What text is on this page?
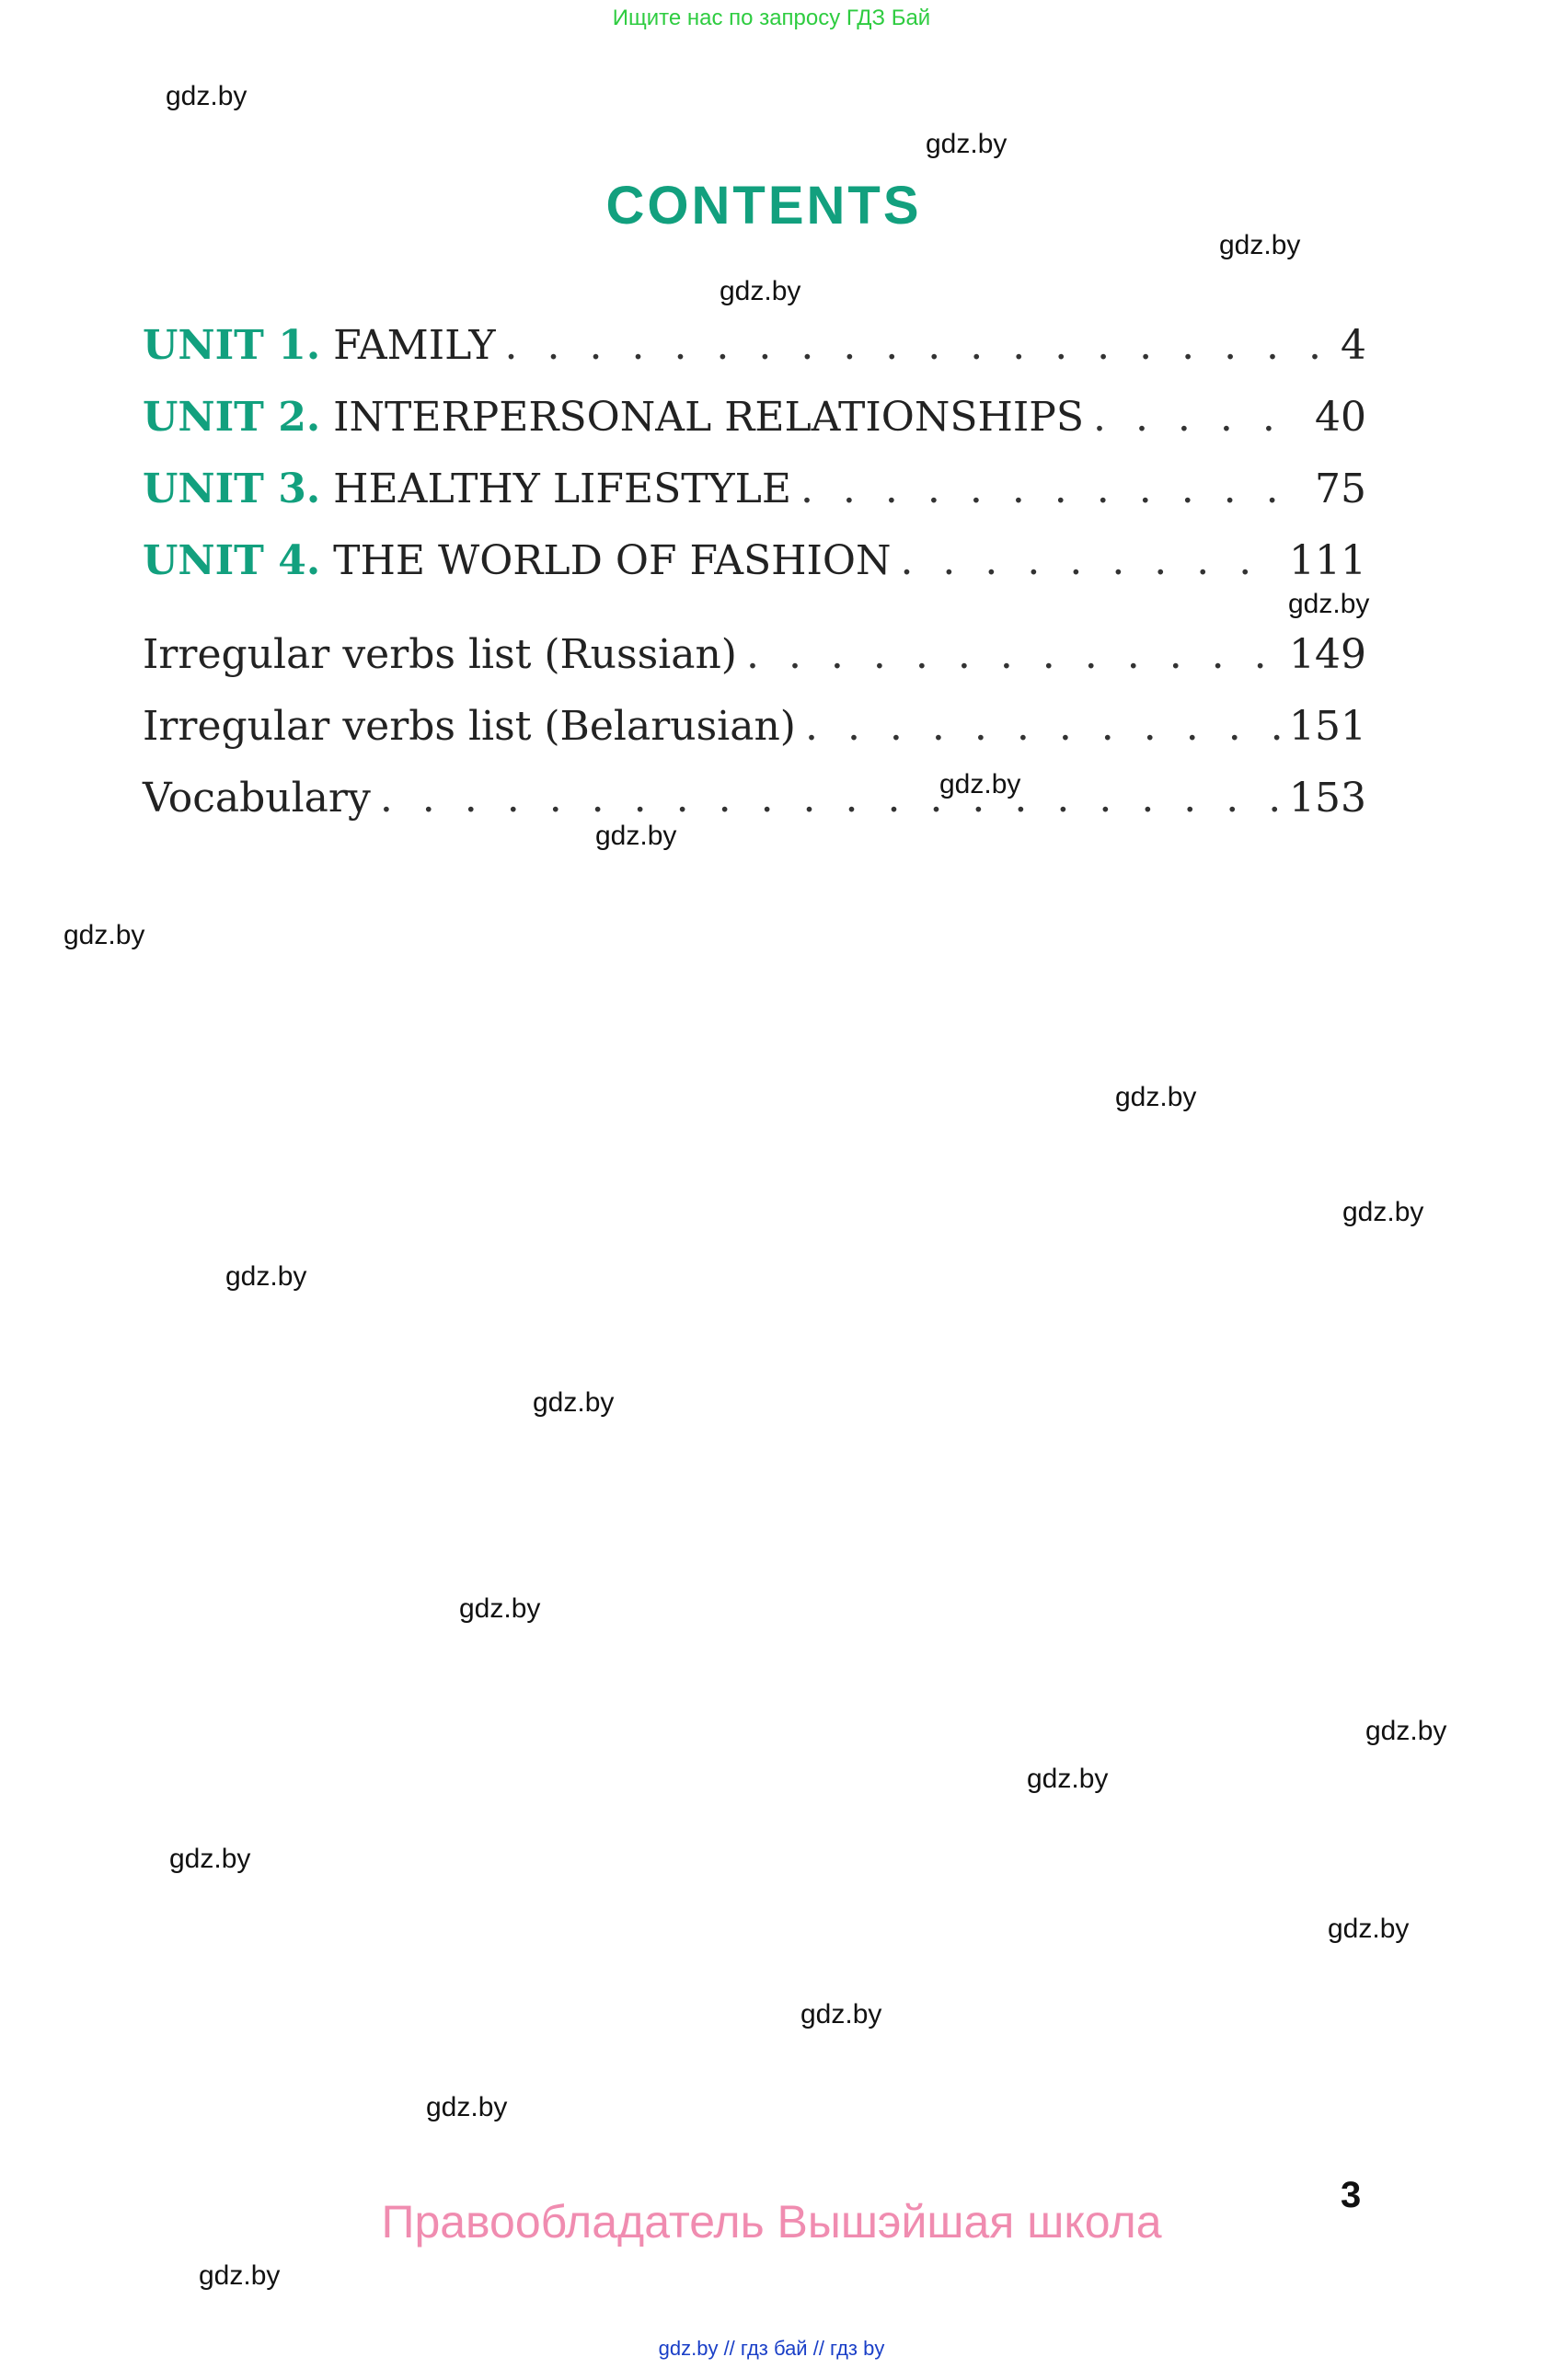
Ищите нас по запросу ГДЗ Бай
CONTENTS
UNIT 1. FAMILY . . .	4
UNIT 2. INTERPERSONAL RELATIONSHIPS . . .	40
UNIT 3. HEALTHY LIFESTYLE . . .	75
UNIT 4. THE WORLD OF FASHION . . .	111
Irregular verbs list (Russian) . . .	149
Irregular verbs list (Belarusian) . . .	151
Vocabulary . . .	153
gdz.by
gdz.by
gdz.by
gdz.by
gdz.by
gdz.by
gdz.by
gdz.by
gdz.by
gdz.by
gdz.by
gdz.by
gdz.by
gdz.by
gdz.by
gdz.by
gdz.by
gdz.by
gdz.by
gdz.by
Правообладатель Вышэйшая школа
3
gdz.by // гдз бай // гдз by
